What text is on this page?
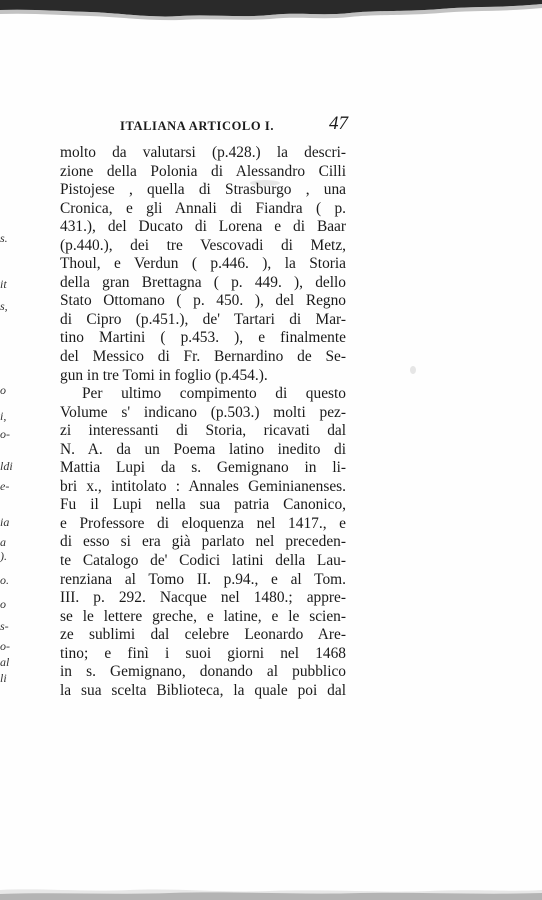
s.
it
s,
o
i,
o-
ldi
e-
ia
a
).
o.
o
s-
o-
al
li
ITALIANA ARTICOLO I.	47
molto da valutarsi (p.428.) la descri-
zione della Polonia di Alessandro Cilli
Pistojese , quella di Strasburgo , una
Cronica, e gli Annali di Fiandra ( p.
431.), del Ducato di Lorena e di Baar
(p.440.), dei tre Vescovadi di Metz,
Thoul, e Verdun ( p.446. ), la Storia
della gran Brettagna ( p. 449. ), dello
Stato Ottomano ( p. 450. ), del Regno
di Cipro (p.451.), de' Tartari di Mar-
tino Martini ( p.453. ), e finalmente
del Messico di Fr. Bernardino de Se-
gun in tre Tomi in foglio (p.454.).
Per ultimo compimento di questo
Volume s' indicano (p.503.) molti pez-
zi interessanti di Storia, ricavati dal
N. A. da un Poema latino inedito di
Mattia Lupi da s. Gemignano in li-
bri x., intitolato : Annales Geminianenses.
Fu il Lupi nella sua patria Canonico,
e Professore di eloquenza nel 1417., e
di esso si era già parlato nel preceden-
te Catalogo de' Codici latini della Lau-
renziana al Tomo II. p.94., e al Tom.
III. p. 292. Nacque nel 1480.; appre-
se le lettere greche, e latine, e le scien-
ze sublimi dal celebre Leonardo Are-
tino; e finì i suoi giorni nel 1468
in s. Gemignano, donando al pubblico
la sua scelta Biblioteca, la quale poi dal
